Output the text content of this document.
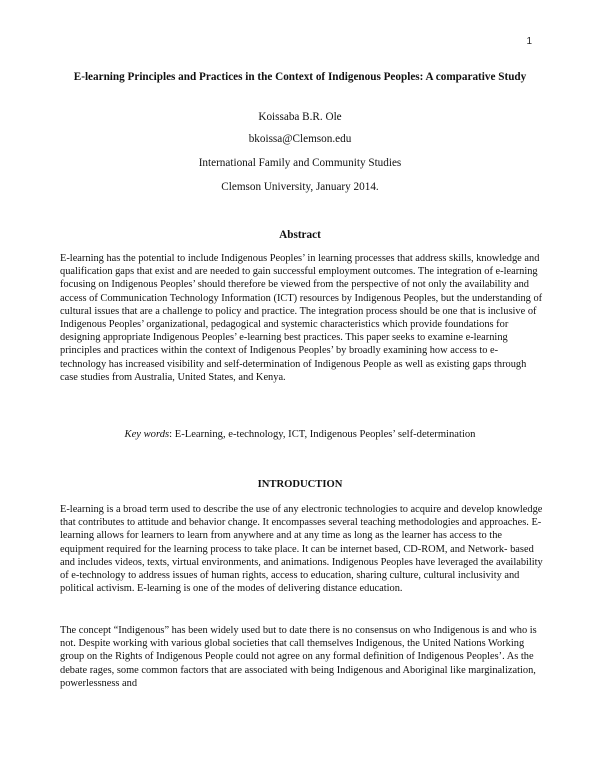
1
E-learning Principles and Practices in the Context of Indigenous Peoples: A comparative Study
Koissaba B.R. Ole
bkoissa@Clemson.edu
International Family and Community Studies
Clemson University, January 2014.
Abstract

E-learning has the potential to include Indigenous Peoples’ in learning processes that address skills, knowledge and qualification gaps that exist and are needed to gain successful employment outcomes. The integration of e-learning focusing on Indigenous Peoples’ should therefore be viewed from the perspective of not only the availability and access of Communication Technology Information (ICT) resources by Indigenous Peoples, but the understanding of cultural issues that are a challenge to policy and practice. The integration process should be one that is inclusive of Indigenous Peoples’ organizational, pedagogical and systemic characteristics which provide foundations for designing appropriate Indigenous Peoples’ e-learning best practices. This paper seeks to examine e-learning principles and practices within the context of Indigenous Peoples’ by broadly examining how access to e-technology has increased visibility and self-determination of Indigenous People as well as existing gaps through case studies from Australia, United States, and Kenya.

Key words: E-Learning, e-technology, ICT, Indigenous Peoples’ self-determination
INTRODUCTION

E-learning is a broad term used to describe the use of any electronic technologies to acquire and develop knowledge that contributes to attitude and behavior change. It encompasses several teaching methodologies and approaches. E-learning allows for learners to learn from anywhere and at any time as long as the learner has access to the equipment required for the learning process to take place. It can be internet based, CD-ROM, and Network- based and includes videos, texts, virtual environments, and animations. Indigenous Peoples have leveraged the availability of e-technology to address issues of human rights, access to education, sharing culture, cultural inclusivity and political activism. E-learning is one of the modes of delivering distance education.

The concept “Indigenous” has been widely used but to date there is no consensus on who Indigenous is and who is not. Despite working with various global societies that call themselves Indigenous, the United Nations Working group on the Rights of Indigenous People could not agree on any formal definition of Indigenous Peoples’. As the debate rages, some common factors that are associated with being Indigenous and Aboriginal like marginalization, powerlessness and
